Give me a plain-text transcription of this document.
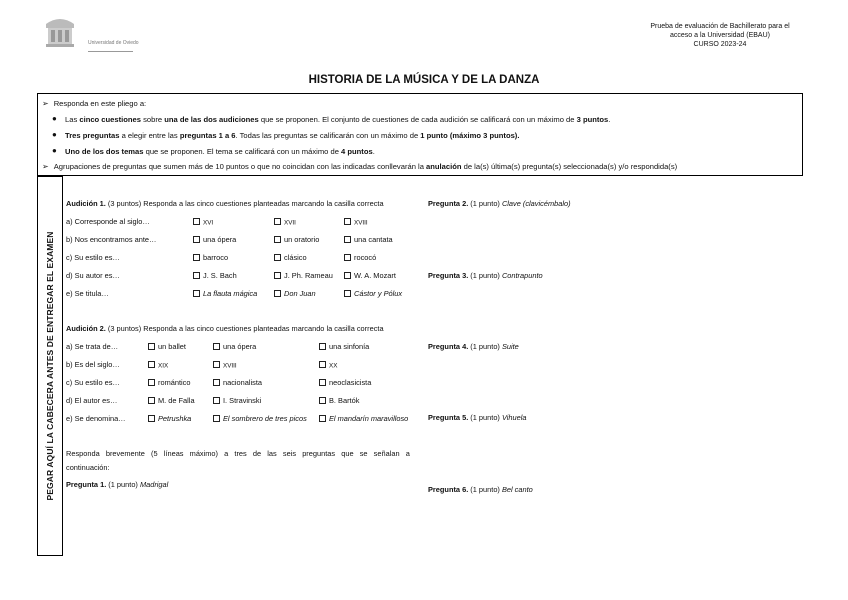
Universidad de Oviedo
Prueba de evaluación de Bachillerato para el
acceso a la Universidad (EBAU)
CURSO 2023-24
HISTORIA DE LA MÚSICA Y DE LA DANZA
➢ Responda en este pliego a:
● Las cinco cuestiones sobre una de las dos audiciones que se proponen. El conjunto de cuestiones de cada audición se calificará con un máximo de 3 puntos.
● Tres preguntas a elegir entre las preguntas 1 a 6. Todas las preguntas se calificarán con un máximo de 1 punto (máximo 3 puntos).
● Uno de los dos temas que se proponen. El tema se calificará con un máximo de 4 puntos.
➢ Agrupaciones de preguntas que sumen más de 10 puntos o que no coincidan con las indicadas conllevarán la anulación de la(s) última(s) pregunta(s) seleccionada(s) y/o respondida(s)
PEGAR AQUÍ LA CABECERA ANTES DE ENTREGAR EL EXAMEN
Audición 1. (3 puntos) Responda a las cinco cuestiones planteadas marcando la casilla correcta
a) Corresponde al siglo…	XVI	XVII	XVIII
b) Nos encontramos ante…	una ópera	un oratorio	una cantata
c) Su estilo es…	barroco	clásico	rococó
d) Su autor es…	J. S. Bach	J. Ph. Rameau	W. A. Mozart
e) Se titula…	La flauta mágica	Don Juan	Cástor y Pólux
Audición 2. (3 puntos) Responda a las cinco cuestiones planteadas marcando la casilla correcta
a) Se trata de…	un ballet	una ópera	una sinfonía
b) Es del siglo…	XIX	XVIII	XX
c) Su estilo es…	romántico	nacionalista	neoclasicista
d) El autor es…	M. de Falla	I. Stravinski	B. Bartók
e) Se denomina…	Petrushka	El sombrero de tres picos	El mandarín maravilloso
Responda   brevemente   (5   líneas   máximo)   a   tres   de   las   seis   preguntas   que   se   señalan   a
continuación:
Pregunta 1. (1 punto) Madrigal
Pregunta 2. (1 punto) Clave (clavicémbalo)
Pregunta 3. (1 punto) Contrapunto
Pregunta 4. (1 punto) Suite
Pregunta 5. (1 punto) Vihuela
Pregunta 6. (1 punto) Bel canto
